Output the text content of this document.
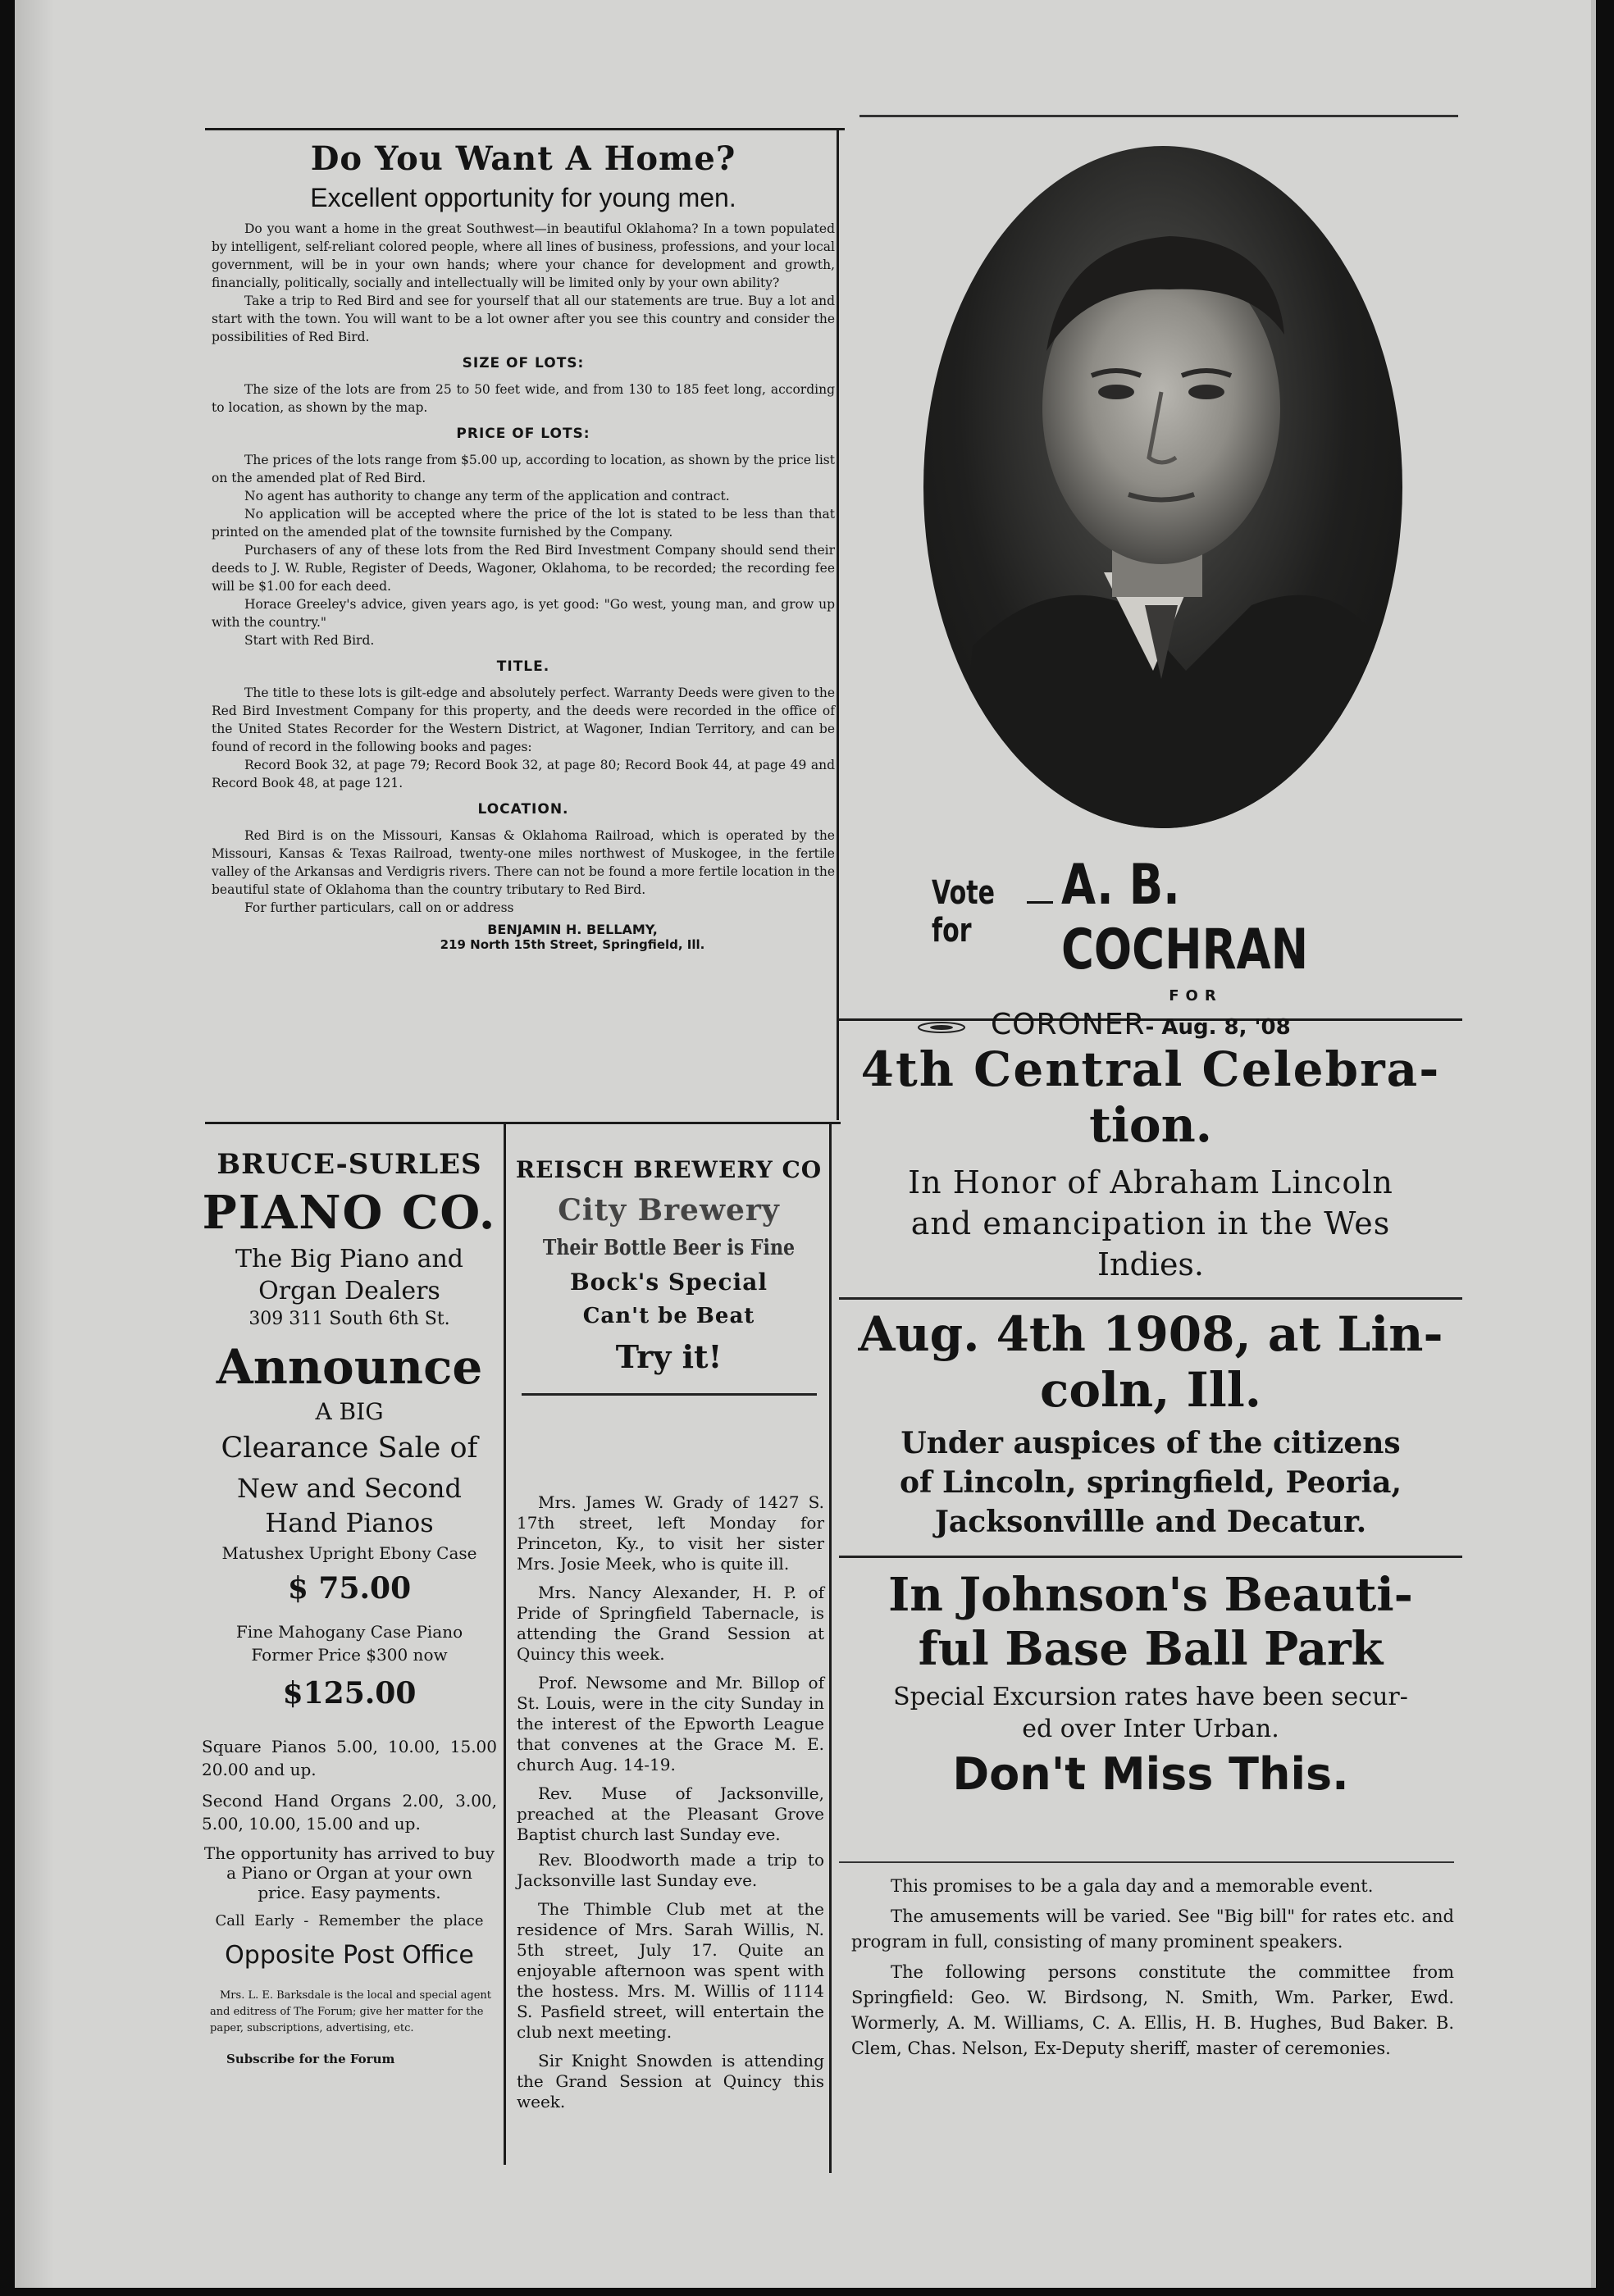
Do You Want A Home?
Excellent opportunity for young men.

Do you want a home in the great Southwest—in beautiful Oklahoma? In a town populated by intelligent, self-reliant colored people, where all lines of business, professions, and your local government, will be in your own hands; where your chance for development and growth, financially, politically, socially and intellectually will be limited only by your own ability?

Take a trip to Red Bird and see for yourself that all our statements are true. Buy a lot and start with the town. You will want to be a lot owner after you see this country and consider the possibilities of Red Bird.

SIZE OF LOTS:

The size of the lots are from 25 to 50 feet wide, and from 130 to 185 feet long, according to location, as shown by the map.

PRICE OF LOTS:

The prices of the lots range from $5.00 up, according to location, as shown by the price list on the amended plat of Red Bird.

No agent has authority to change any term of the application and contract.

No application will be accepted where the price of the lot is stated to be less than that printed on the amended plat of the townsite furnished by the Company.

Purchasers of any of these lots from the Red Bird Investment Company should send their deeds to J. W. Ruble, Register of Deeds, Wagoner, Oklahoma, to be recorded; the recording fee will be $1.00 for each deed.

Horace Greeley's advice, given years ago, is yet good: "Go west, young man, and grow up with the country."

Start with Red Bird.

TITLE.

The title to these lots is gilt-edge and absolutely perfect. Warranty Deeds were given to the Red Bird Investment Company for this property, and the deeds were recorded in the office of the United States Recorder for the Western District, at Wagoner, Indian Territory, and can be found of record in the following books and pages:

Record Book 32, at page 79; Record Book 32, at page 80; Record Book 44, at page 49 and Record Book 48, at page 121.

LOCATION.

Red Bird is on the Missouri, Kansas & Oklahoma Railroad, which is operated by the Missouri, Kansas & Texas Railroad, twenty-one miles northwest of Muskogee, in the fertile valley of the Arkansas and Verdigris rivers. There can not be found a more fertile location in the beautiful state of Oklahoma than the country tributary to Red Bird.

For further particulars, call on or address

BENJAMIN H. BELLAMY,
219 North 15th Street, Springfield, Ill.
Vote for
A. B. COCHRAN
FOR
CORONER - Aug. 8, '08
BRUCE-SURLES
PIANO CO.
The Big Piano and
Organ Dealers
309 311 South 6th St.
Announce
A BIG
Clearance Sale of
New and Second
Hand Pianos
Matushex Upright Ebony Case
$ 75.00
Fine Mahogany Case Piano
Former Price $300 now
$125.00
Square Pianos 5.00, 10.00, 15.00 20.00 and up.
Second Hand Organs 2.00, 3.00, 5.00, 10.00, 15.00 and up.
The opportunity has arrived to buy a Piano or Organ at your own price. Easy payments.
Call Early - Remember the place
Opposite Post Office
Mrs. L. E. Barksdale is the local and special agent and editress of The Forum; give her matter for the paper, subscriptions, advertising, etc.
Subscribe for the Forum
REISCH BREWERY CO
City Brewery
Their Bottle Beer is Fine
Bock's Special
Can't be Beat
Try it!

Mrs. James W. Grady of 1427 S. 17th street, left Monday for Princeton, Ky., to visit her sister Mrs. Josie Meek, who is quite ill.

Mrs. Nancy Alexander, H. P. of Pride of Springfield Tabernacle, is attending the Grand Session at Quincy this week.

Prof. Newsome and Mr. Billop of St. Louis, were in the city Sunday in the interest of the Epworth League that convenes at the Grace M. E. church Aug. 14-19.

Rev. Muse of Jacksonville, preached at the Pleasant Grove Baptist church last Sunday eve.

Rev. Bloodworth made a trip to Jacksonville last Sunday eve.

The Thimble Club met at the residence of Mrs. Sarah Willis, N. 5th street, July 17. Quite an enjoyable afternoon was spent with the hostess. Mrs. M. Willis of 1114 S. Pasfield street, will entertain the club next meeting.

Sir Knight Snowden is attending the Grand Session at Quincy this week.

4th Central Celebra-
tion.
In Honor of Abraham Lincoln
and emancipation in the Wes
Indies.
Aug. 4th 1908, at Lin-
coln, Ill.
Under auspices of the citizens
of Lincoln, springfield, Peoria,
Jacksonvillle and Decatur.
In Johnson's Beauti-
ful Base Ball Park
Special Excursion rates have been secur-
ed over Inter Urban.
Don't Miss This.

This promises to be a gala day and a memorable event.

The amusements will be varied. See "Big bill" for rates etc. and program in full, consisting of many prominent speakers.

The following persons constitute the committee from Springfield: Geo. W. Birdsong, N. Smith, Wm. Parker, Ewd. Wormerly, A. M. Williams, C. A. Ellis, H. B. Hughes, Bud Baker. B. Clem, Chas. Nelson, Ex-Deputy sheriff, master of ceremonies.
